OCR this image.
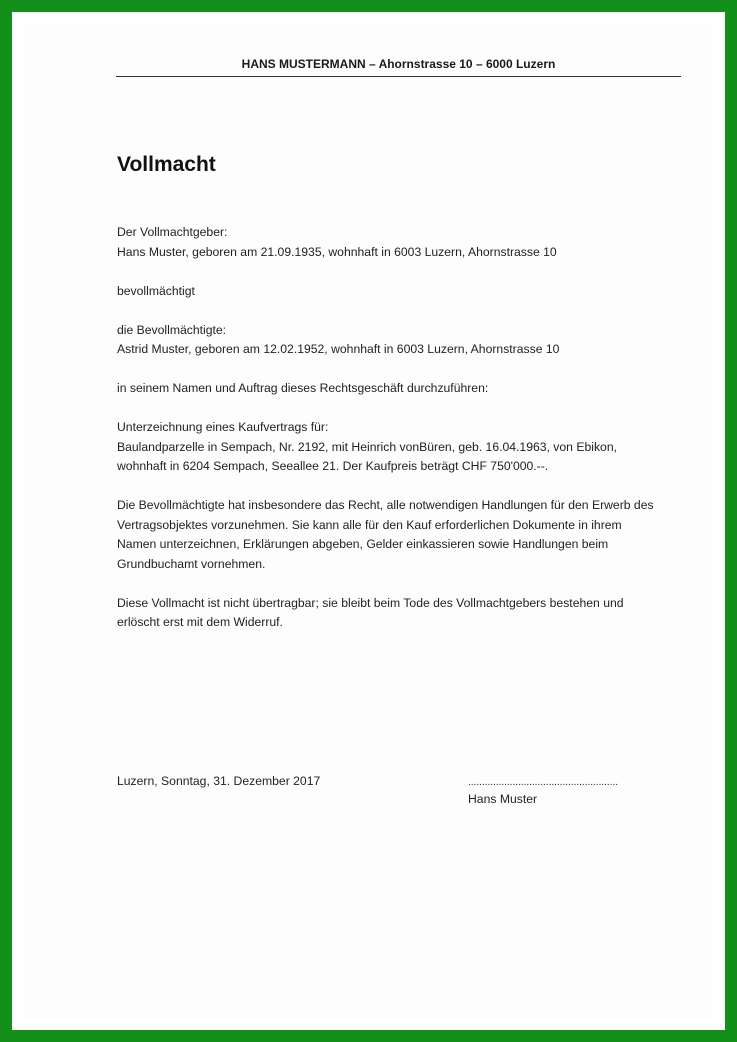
HANS MUSTERMANN – Ahornstrasse 10 – 6000 Luzern
Vollmacht

Der Vollmachtgeber:

Hans Muster, geboren am 21.09.1935, wohnhaft in 6003 Luzern, Ahornstrasse 10

bevollmächtigt

die Bevollmächtigte:

Astrid Muster, geboren am 12.02.1952, wohnhaft in 6003 Luzern, Ahornstrasse 10

in seinem Namen und Auftrag dieses Rechtsgeschäft durchzuführen:

Unterzeichnung eines Kaufvertrags für:

Baulandparzelle in Sempach, Nr. 2192, mit Heinrich vonBüren, geb. 16.04.1963, von Ebikon,

wohnhaft in 6204 Sempach, Seeallee 21. Der Kaufpreis beträgt CHF 750'000.--.

Die Bevollmächtigte hat insbesondere das Recht, alle notwendigen Handlungen für den Erwerb des

Vertragsobjektes vorzunehmen. Sie kann alle für den Kauf erforderlichen Dokumente in ihrem

Namen unterzeichnen, Erklärungen abgeben, Gelder einkassieren sowie Handlungen beim

Grundbuchamt vornehmen.

Diese Vollmacht ist nicht übertragbar; sie bleibt beim Tode des Vollmachtgebers bestehen und

erlöscht erst mit dem Widerruf.

Luzern, Sonntag, 31. Dezember 2017	......................................................
Hans Muster
